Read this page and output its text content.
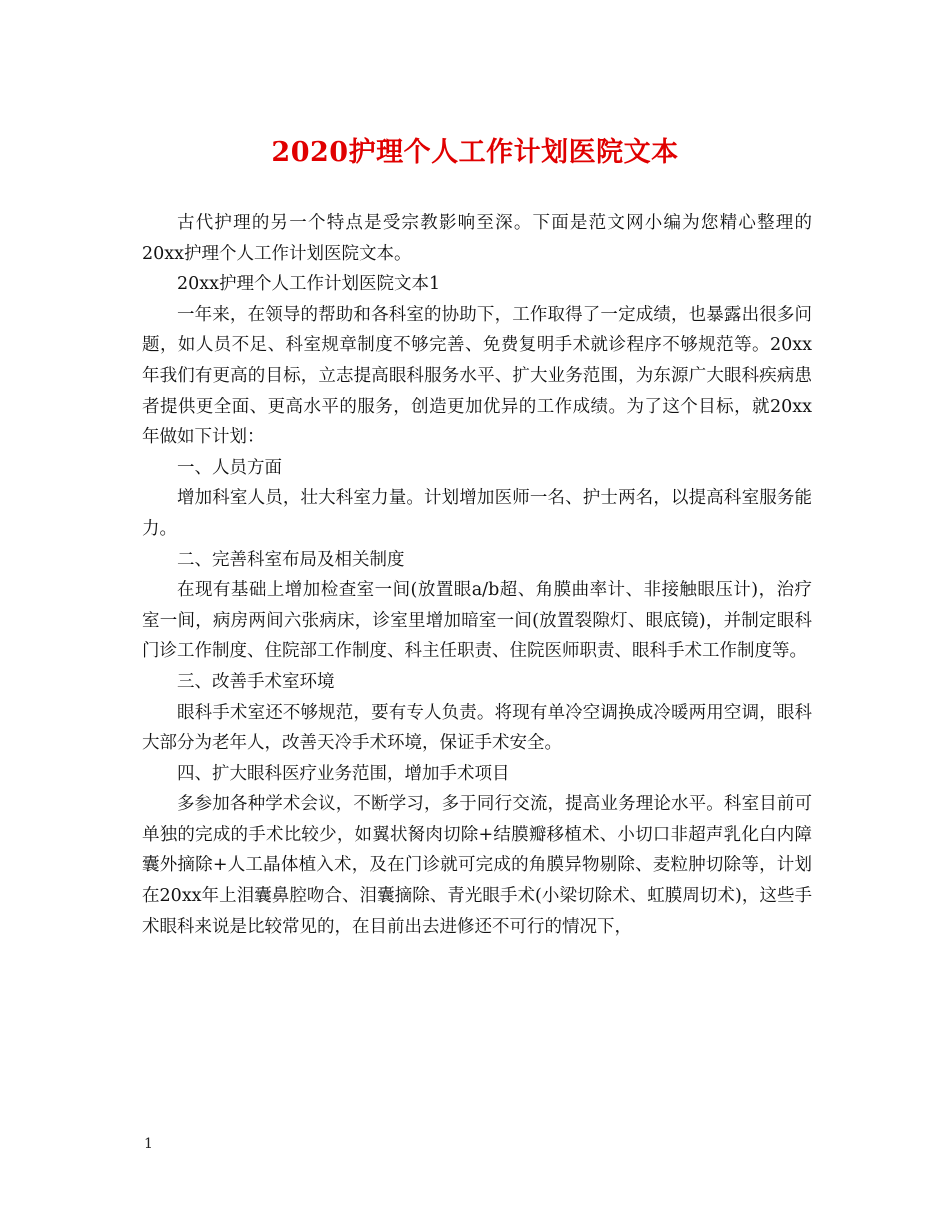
2020护理个人工作计划医院文本

古代护理的另一个特点是受宗教影响至深。下面是范文网小编为您精心整理的20xx护理个人工作计划医院文本。

20xx护理个人工作计划医院文本1

一年来，在领导的帮助和各科室的协助下，工作取得了一定成绩，也暴露出很多问题，如人员不足、科室规章制度不够完善、免费复明手术就诊程序不够规范等。20xx年我们有更高的目标，立志提高眼科服务水平、扩大业务范围，为东源广大眼科疾病患者提供更全面、更高水平的服务，创造更加优异的工作成绩。为了这个目标，就20xx年做如下计划：

一、人员方面

增加科室人员，壮大科室力量。计划增加医师一名、护士两名，以提高科室服务能力。

二、完善科室布局及相关制度

在现有基础上增加检查室一间(放置眼a/b超、角膜曲率计、非接触眼压计)，治疗室一间，病房两间六张病床，诊室里增加暗室一间(放置裂隙灯、眼底镜)，并制定眼科门诊工作制度、住院部工作制度、科主任职责、住院医师职责、眼科手术工作制度等。

三、改善手术室环境

眼科手术室还不够规范，要有专人负责。将现有单冷空调换成冷暖两用空调，眼科大部分为老年人，改善天冷手术环境，保证手术安全。

四、扩大眼科医疗业务范围，增加手术项目

多参加各种学术会议，不断学习，多于同行交流，提高业务理论水平。科室目前可单独的完成的手术比较少，如翼状胬肉切除+结膜瓣移植术、小切口非超声乳化白内障囊外摘除+人工晶体植入术，及在门诊就可完成的角膜异物剔除、麦粒肿切除等，计划在20xx年上泪囊鼻腔吻合、泪囊摘除、青光眼手术(小梁切除术、虹膜周切术)，这些手术眼科来说是比较常见的，在目前出去进修还不可行的情况下，

1
